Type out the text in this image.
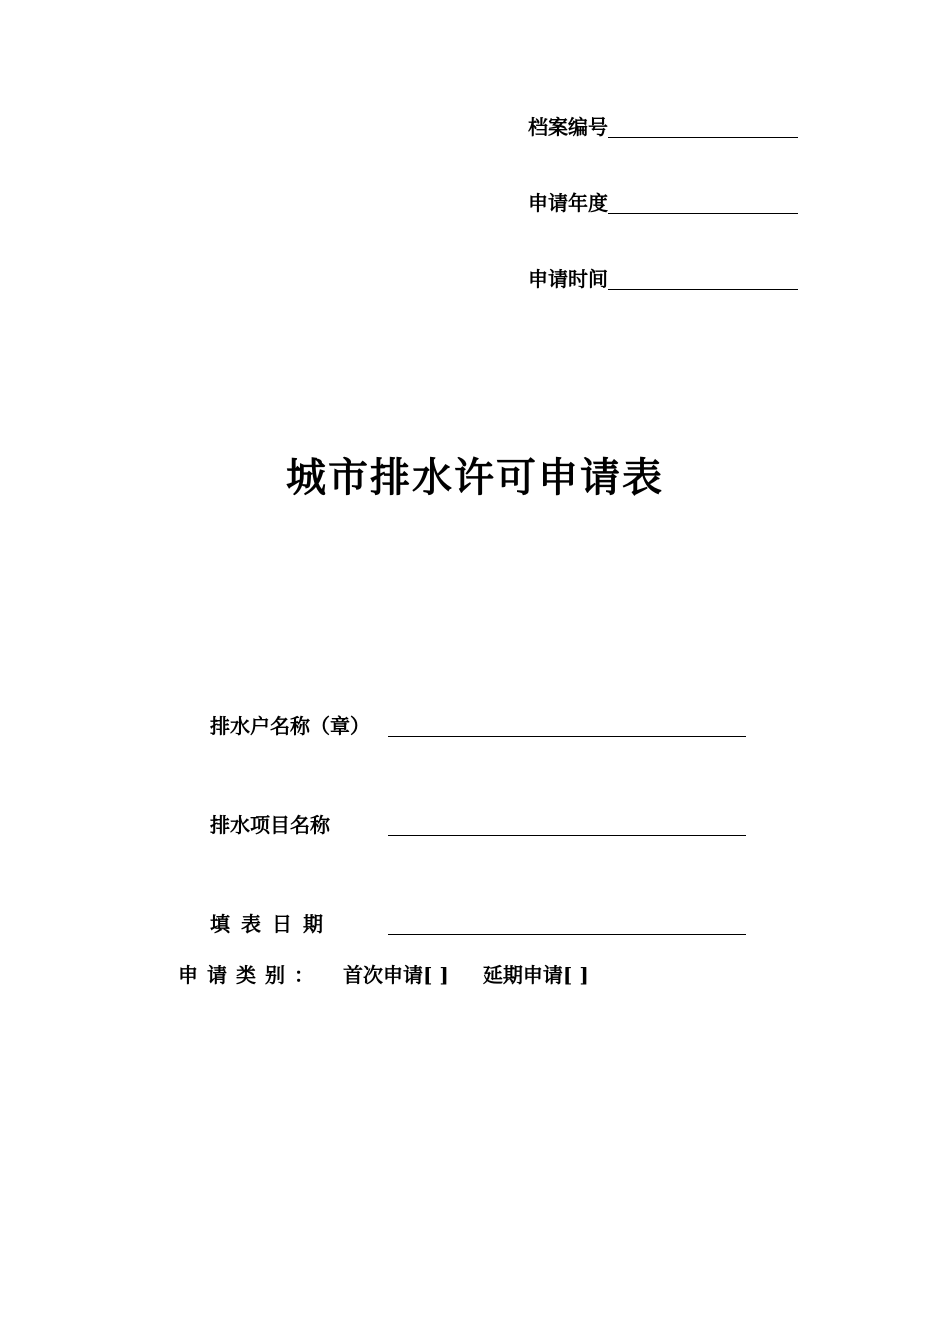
档案编号
申请年度
申请时间
城市排水许可申请表
排水户名称（章）
排水项目名称
填表日期
申请类别： 首次申请[ ] 延期申请[ ]
